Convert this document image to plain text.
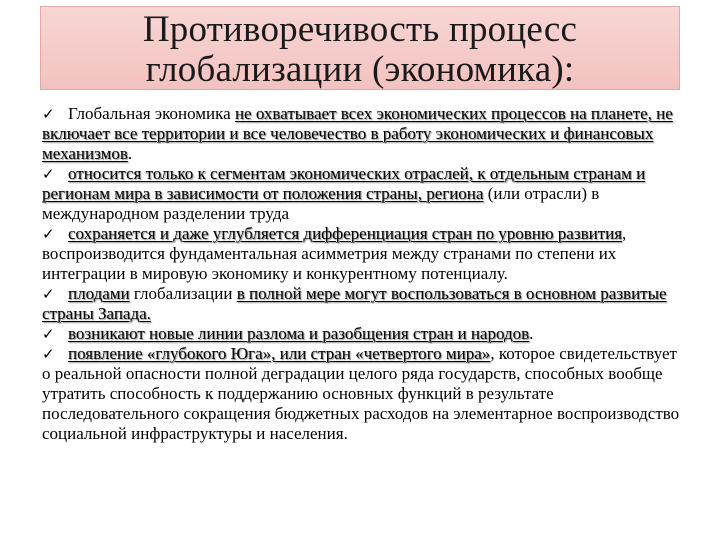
Противоречивость процесс
глобализации (экономика):

✓ Глобальная экономика не охватывает всех экономических процессов на планете, не включает все территории и все человечество в работу экономических и финансовых механизмов.

✓ относится только к сегментам экономических отраслей, к отдельным странам и регионам мира в зависимости от положения страны, региона (или отрасли) в международном разделении труда

✓ сохраняется и даже углубляется дифференциация стран по уровню развития, воспроизводится фундаментальная асимметрия между странами по степени их интеграции в мировую экономику и конкурентному потенциалу.

✓ плодами глобализации в полной мере могут воспользоваться в основном развитые страны Запада.

✓ возникают новые линии разлома и разобщения стран и народов.

✓ появление «глубокого Юга», или стран «четвертого мира», которое свидетельствует о реальной опасности полной деградации целого ряда государств, способных вообще утратить способность к поддержанию основных функций в результате последовательного сокращения бюджетных расходов на элементарное воспроизводство социальной инфраструктуры и населения.
